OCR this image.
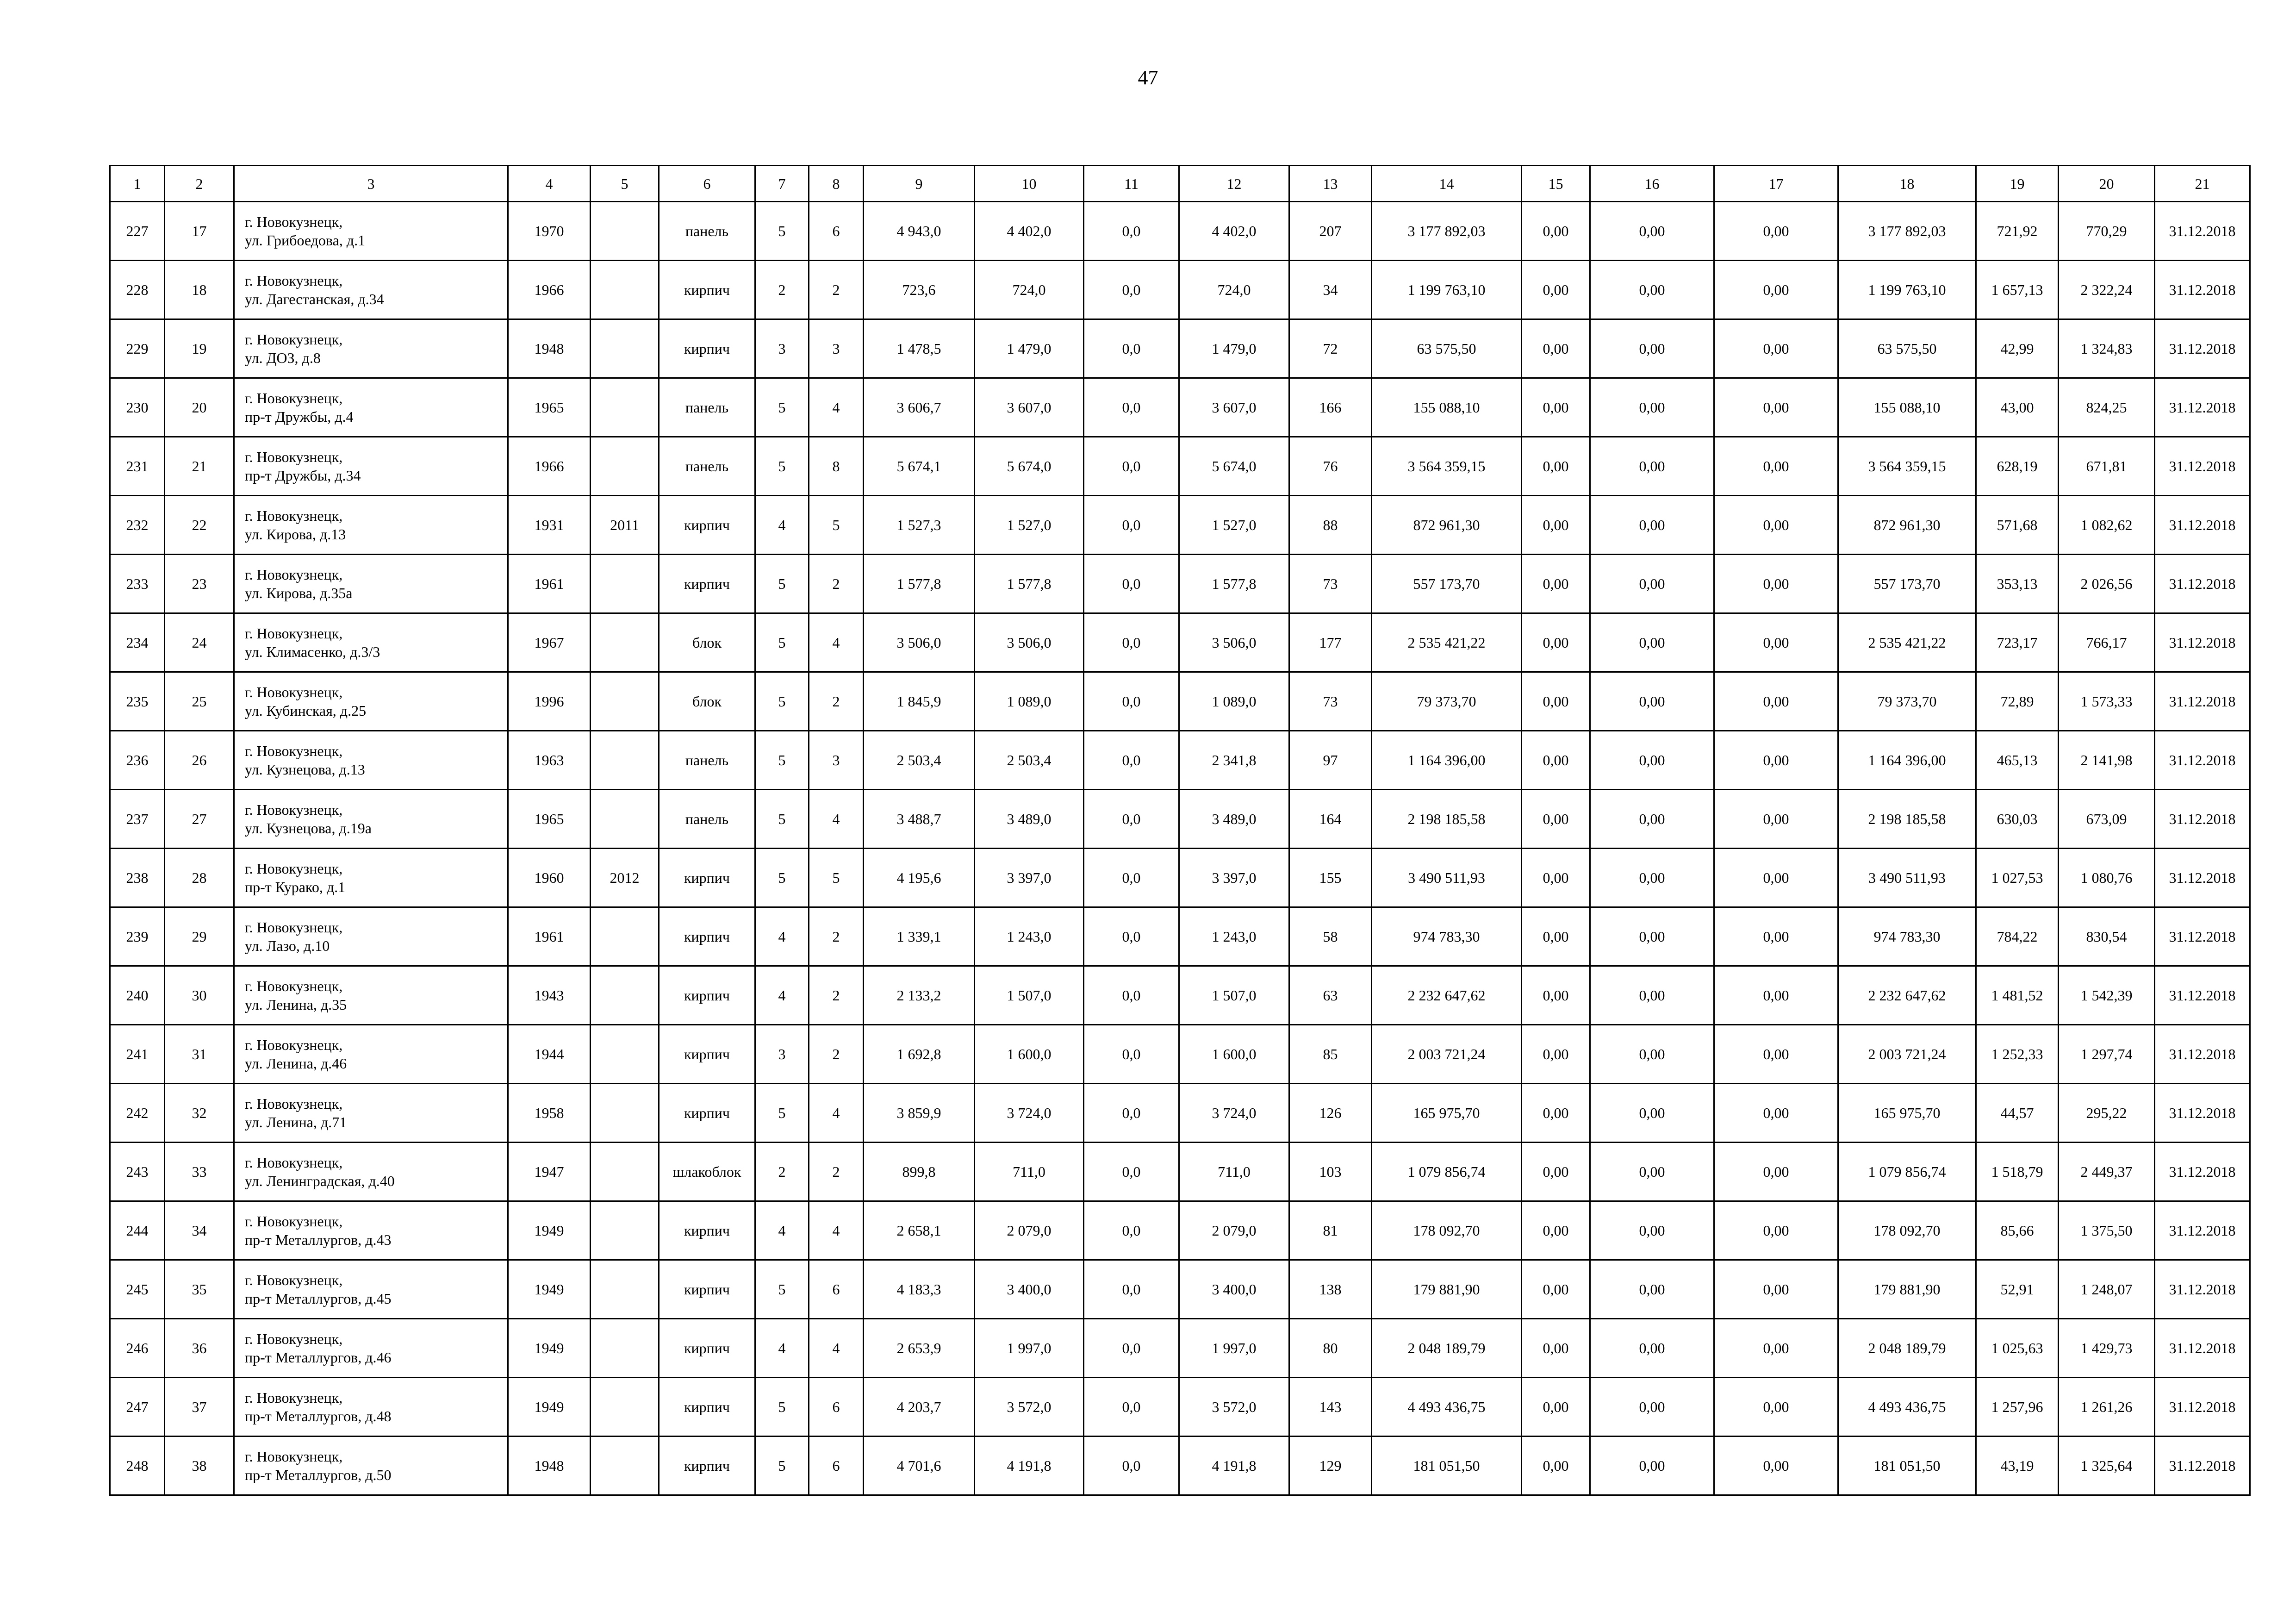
47
1	2	3	4	5	6	7	8	9	10	11	12	13	14	15	16	17	18	19	20	21
227	17	г. Новокузнецк,
ул. Грибоедова, д.1	1970		панель	5	6	4 943,0	4 402,0	0,0	4 402,0	207	3 177 892,03	0,00	0,00	0,00	3 177 892,03	721,92	770,29	31.12.2018
228	18	г. Новокузнецк,
ул. Дагестанская, д.34	1966		кирпич	2	2	723,6	724,0	0,0	724,0	34	1 199 763,10	0,00	0,00	0,00	1 199 763,10	1 657,13	2 322,24	31.12.2018
229	19	г. Новокузнецк,
ул. ДОЗ, д.8	1948		кирпич	3	3	1 478,5	1 479,0	0,0	1 479,0	72	63 575,50	0,00	0,00	0,00	63 575,50	42,99	1 324,83	31.12.2018
230	20	г. Новокузнецк,
пр-т Дружбы, д.4	1965		панель	5	4	3 606,7	3 607,0	0,0	3 607,0	166	155 088,10	0,00	0,00	0,00	155 088,10	43,00	824,25	31.12.2018
231	21	г. Новокузнецк,
пр-т Дружбы, д.34	1966		панель	5	8	5 674,1	5 674,0	0,0	5 674,0	76	3 564 359,15	0,00	0,00	0,00	3 564 359,15	628,19	671,81	31.12.2018
232	22	г. Новокузнецк,
ул. Кирова, д.13	1931	2011	кирпич	4	5	1 527,3	1 527,0	0,0	1 527,0	88	872 961,30	0,00	0,00	0,00	872 961,30	571,68	1 082,62	31.12.2018
233	23	г. Новокузнецк,
ул. Кирова, д.35а	1961		кирпич	5	2	1 577,8	1 577,8	0,0	1 577,8	73	557 173,70	0,00	0,00	0,00	557 173,70	353,13	2 026,56	31.12.2018
234	24	г. Новокузнецк,
ул. Климасенко, д.3/3	1967		блок	5	4	3 506,0	3 506,0	0,0	3 506,0	177	2 535 421,22	0,00	0,00	0,00	2 535 421,22	723,17	766,17	31.12.2018
235	25	г. Новокузнецк,
ул. Кубинская, д.25	1996		блок	5	2	1 845,9	1 089,0	0,0	1 089,0	73	79 373,70	0,00	0,00	0,00	79 373,70	72,89	1 573,33	31.12.2018
236	26	г. Новокузнецк,
ул. Кузнецова, д.13	1963		панель	5	3	2 503,4	2 503,4	0,0	2 341,8	97	1 164 396,00	0,00	0,00	0,00	1 164 396,00	465,13	2 141,98	31.12.2018
237	27	г. Новокузнецк,
ул. Кузнецова, д.19а	1965		панель	5	4	3 488,7	3 489,0	0,0	3 489,0	164	2 198 185,58	0,00	0,00	0,00	2 198 185,58	630,03	673,09	31.12.2018
238	28	г. Новокузнецк,
пр-т Курако, д.1	1960	2012	кирпич	5	5	4 195,6	3 397,0	0,0	3 397,0	155	3 490 511,93	0,00	0,00	0,00	3 490 511,93	1 027,53	1 080,76	31.12.2018
239	29	г. Новокузнецк,
ул. Лазо, д.10	1961		кирпич	4	2	1 339,1	1 243,0	0,0	1 243,0	58	974 783,30	0,00	0,00	0,00	974 783,30	784,22	830,54	31.12.2018
240	30	г. Новокузнецк,
ул. Ленина, д.35	1943		кирпич	4	2	2 133,2	1 507,0	0,0	1 507,0	63	2 232 647,62	0,00	0,00	0,00	2 232 647,62	1 481,52	1 542,39	31.12.2018
241	31	г. Новокузнецк,
ул. Ленина, д.46	1944		кирпич	3	2	1 692,8	1 600,0	0,0	1 600,0	85	2 003 721,24	0,00	0,00	0,00	2 003 721,24	1 252,33	1 297,74	31.12.2018
242	32	г. Новокузнецк,
ул. Ленина, д.71	1958		кирпич	5	4	3 859,9	3 724,0	0,0	3 724,0	126	165 975,70	0,00	0,00	0,00	165 975,70	44,57	295,22	31.12.2018
243	33	г. Новокузнецк,
ул. Ленинградская, д.40	1947		шлакоблок	2	2	899,8	711,0	0,0	711,0	103	1 079 856,74	0,00	0,00	0,00	1 079 856,74	1 518,79	2 449,37	31.12.2018
244	34	г. Новокузнецк,
пр-т Металлургов, д.43	1949		кирпич	4	4	2 658,1	2 079,0	0,0	2 079,0	81	178 092,70	0,00	0,00	0,00	178 092,70	85,66	1 375,50	31.12.2018
245	35	г. Новокузнецк,
пр-т Металлургов, д.45	1949		кирпич	5	6	4 183,3	3 400,0	0,0	3 400,0	138	179 881,90	0,00	0,00	0,00	179 881,90	52,91	1 248,07	31.12.2018
246	36	г. Новокузнецк,
пр-т Металлургов, д.46	1949		кирпич	4	4	2 653,9	1 997,0	0,0	1 997,0	80	2 048 189,79	0,00	0,00	0,00	2 048 189,79	1 025,63	1 429,73	31.12.2018
247	37	г. Новокузнецк,
пр-т Металлургов, д.48	1949		кирпич	5	6	4 203,7	3 572,0	0,0	3 572,0	143	4 493 436,75	0,00	0,00	0,00	4 493 436,75	1 257,96	1 261,26	31.12.2018
248	38	г. Новокузнецк,
пр-т Металлургов, д.50	1948		кирпич	5	6	4 701,6	4 191,8	0,0	4 191,8	129	181 051,50	0,00	0,00	0,00	181 051,50	43,19	1 325,64	31.12.2018
